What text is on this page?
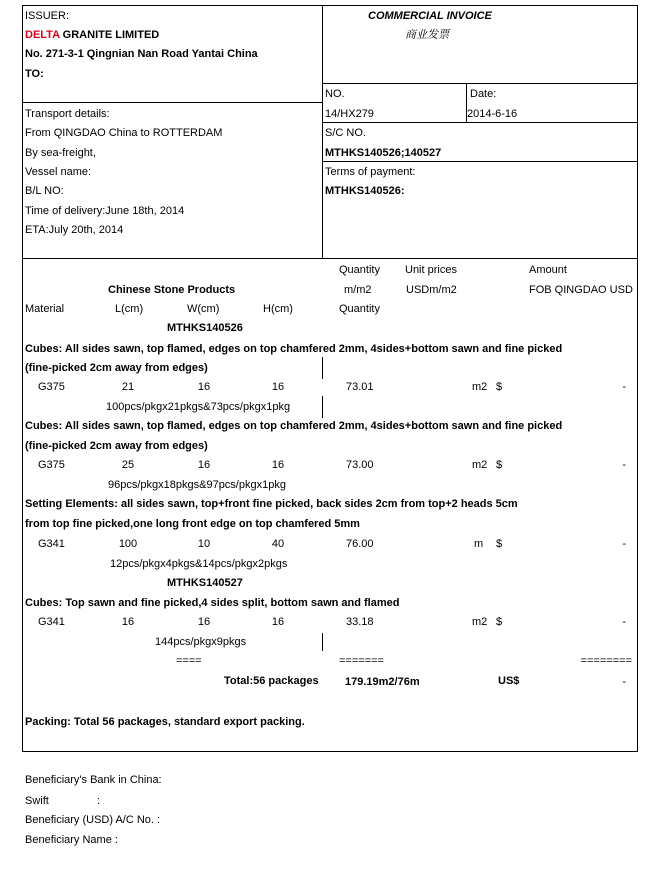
ISSUER:
DELTA GRANITE LIMITED
No. 271-3-1 Qingnian Nan Road Yantai China
TO:
COMMERCIAL INVOICE
商业发票
NO.
14/HX279
Date:
2014-6-16
S/C NO.
MTHKS140526;140527
Terms of payment:
MTHKS140526:
Transport details:
From QINGDAO China to ROTTERDAM
By sea-freight,
Vessel name:
B/L NO:
Time of delivery:June 18th, 2014
ETA:July 20th, 2014
Quantity Unit prices	Amount
Chinese Stone Products	m/m2	USDm/m2	FOB QINGDAO USD
Material	L(cm)	W(cm)	H(cm)	Quantity
MTHKS140526
Cubes: All sides sawn, top flamed, edges on top chamfered 2mm, 4sides+bottom sawn and fine picked
(fine-picked 2cm away from edges)
G375	21	16	16	73.01	m2 $	-
100pcs/pkgx21pkgs&73pcs/pkgx1pkg
Cubes: All sides sawn, top flamed, edges on top chamfered 2mm, 4sides+bottom sawn and fine picked
(fine-picked 2cm away from edges)
G375	25	16	16	73.00	m2 $	-
96pcs/pkgx18pkgs&97pcs/pkgx1pkg
Setting Elements: all sides sawn, top+front fine picked, back sides 2cm from top+2 heads 5cm
from top fine picked,one long front edge on top chamfered 5mm
G341	100	10	40	76.00	m $	-
12pcs/pkgx4pkgs&14pcs/pkgx2pkgs
MTHKS140527
Cubes: Top sawn and fine picked,4 sides split, bottom sawn and flamed
G341	16	16	16	33.18	m2 $	-
144pcs/pkgx9pkgs
====	=======	========
Total:56 packages 179.19m2/76m	US$	-
Packing: Total 56 packages, standard export packing.
Beneficiary's Bank in China:
Swift	:
Beneficiary (USD) A/C No. :
Beneficiary Name :
